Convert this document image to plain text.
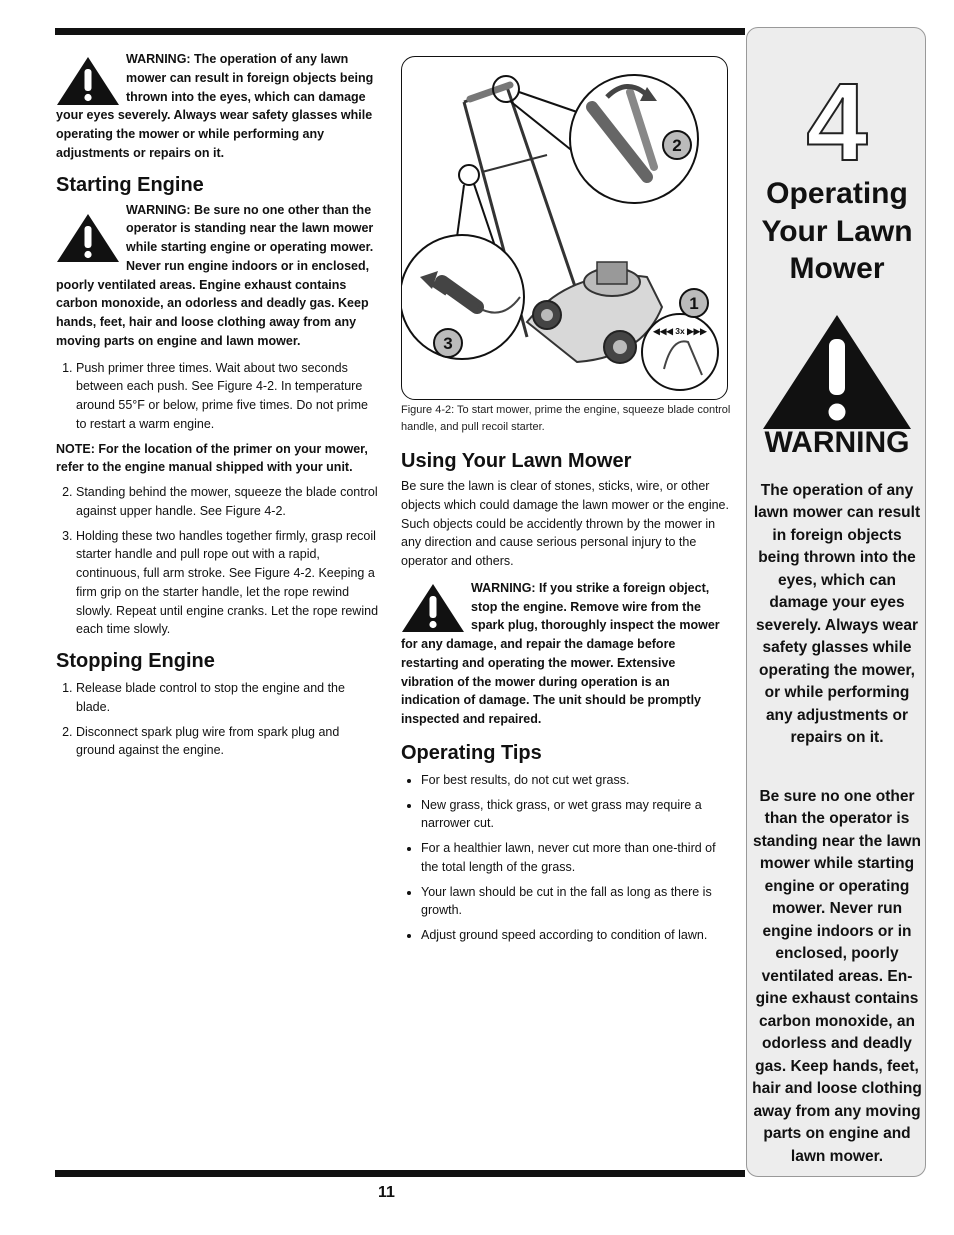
WARNING: The operation of any lawn mower can result in foreign objects being thrown into the eyes, which can damage your eyes severely. Always wear safety glasses while operating the mower or while performing any adjustments or repairs on it.

Starting Engine

WARNING: Be sure no one other than the operator is standing near the lawn mower while starting engine or operating mower. Never run engine indoors or in enclosed, poorly ventilated areas. Engine exhaust contains carbon monoxide, an odorless and deadly gas. Keep hands, feet, hair and loose clothing away from any moving parts on engine and lawn mower.

1. Push primer three times. Wait about two seconds between each push. See Figure 4-2. In temperature around 55°F or below, prime five times. Do not prime to restart a warm engine.

NOTE: For the location of the primer on your mower, refer to the engine manual shipped with your unit.

2. Standing behind the mower, squeeze the blade control against upper handle. See Figure 4-2.
3. Holding these two handles together firmly, grasp recoil starter handle and pull rope out with a rapid, continuous, full arm stroke. See Figure 4-2. Keeping a firm grip on the starter handle, let the rope rewind slowly. Repeat until engine cranks. Let the rope rewind each time slowly.
Stopping Engine
1. Release blade control to stop the engine and the blade.
2. Disconnect spark plug wire from spark plug and ground against the engine.
2
3
1
◀◀◀ 3x ▶▶▶

Figure 4-2: To start mower, prime the engine, squeeze blade control handle, and pull recoil starter.

Using Your Lawn Mower

Be sure the lawn is clear of stones, sticks, wire, or other objects which could damage the lawn mower or the engine. Such objects could be accidently thrown by the mower in any direction and cause serious personal injury to the operator and others.

WARNING: If you strike a foreign object, stop the engine. Remove wire from the spark plug, thoroughly inspect the mower for any damage, and repair the damage before restarting and operating the mower. Extensive vibration of the mower during operation is an indication of damage. The unit should be promptly inspected and repaired.

Operating Tips
• For best results, do not cut wet grass.
• New grass, thick grass, or wet grass may require a narrower cut.
• For a healthier lawn, never cut more than one-third of the total length of the grass.
• Your lawn should be cut in the fall as long as there is growth.
• Adjust ground speed according to condition of lawn.
4
Operating Your Lawn Mower
WARNING
The operation of any lawn mower can result in foreign objects being thrown into the eyes, which can damage your eyes severely. Always wear safety glasses while operating the mower, or while performing any adjustments or repairs on it.
Be sure no one other than the operator is standing near the lawn mower while starting engine or operating mower. Never run engine indoors or in enclosed, poorly ventilated areas. En-gine exhaust contains carbon monoxide, an odorless and deadly gas. Keep hands, feet, hair and loose clothing away from any moving parts on engine and lawn mower.
11
